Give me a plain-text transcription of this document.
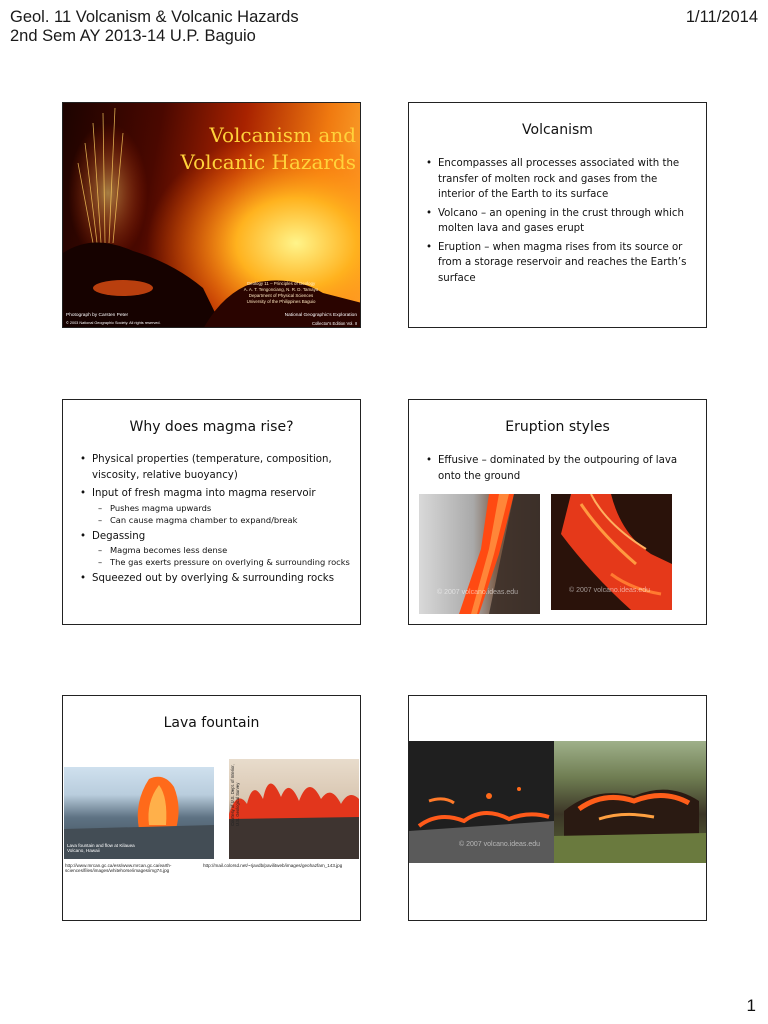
Geol. 11 Volcanism & Volcanic Hazards
2nd Sem AY 2013-14 U.P. Baguio
1/11/2014
Volcanism and
Volcanic Hazards
Geology 11 – Principles of Geology
A. A. T. Tengonciang, N. R. D. Tamayo
Department of Physical Sciences
University of the Philippines Baguio
Photograph by Carsten Peter
© 2003 National Geographic Society. All rights reserved.
National Geographic's Exploration
Collector's Edition Vol. II
Volcanism
• Encompasses all processes associated with the transfer of molten rock and gases from the interior of the Earth to its surface
• Volcano – an opening in the crust through which molten lava and gases erupt
• Eruption – when magma rises from its source or from a storage reservoir and reaches the Earth’s surface
Why does magma rise?
• Physical properties (temperature, composition, viscosity, relative buoyancy)
• Input of fresh magma into magma reservoir
– Pushes magma upwards
– Can cause magma chamber to expand/break
• Degassing
– Magma becomes less dense
– The gas exerts pressure on overlying & surrounding rocks
• Squeezed out by overlying & surrounding rocks
Eruption styles
• Effusive – dominated by the outpouring of lava onto the ground
© 2007 volcano.ideas.edu	© 2007 volcano.ideas.edu
Lava fountain
Lava fountain and flow at Kilauea Volcano, Hawaii
Courtesy of U.S. Dept. of Interior, U.S. Geological Survey
http://www.mrcan.gc.ca/ess/www.mrcan.gc.ca/earth-sciences/files/images/whitehorse/images/img74.jpg
http://mail.colorsd.net/~rjavdb/pavilitweb/images/geohazfam_143.jpg
© 2007 volcano.ideas.edu
1
